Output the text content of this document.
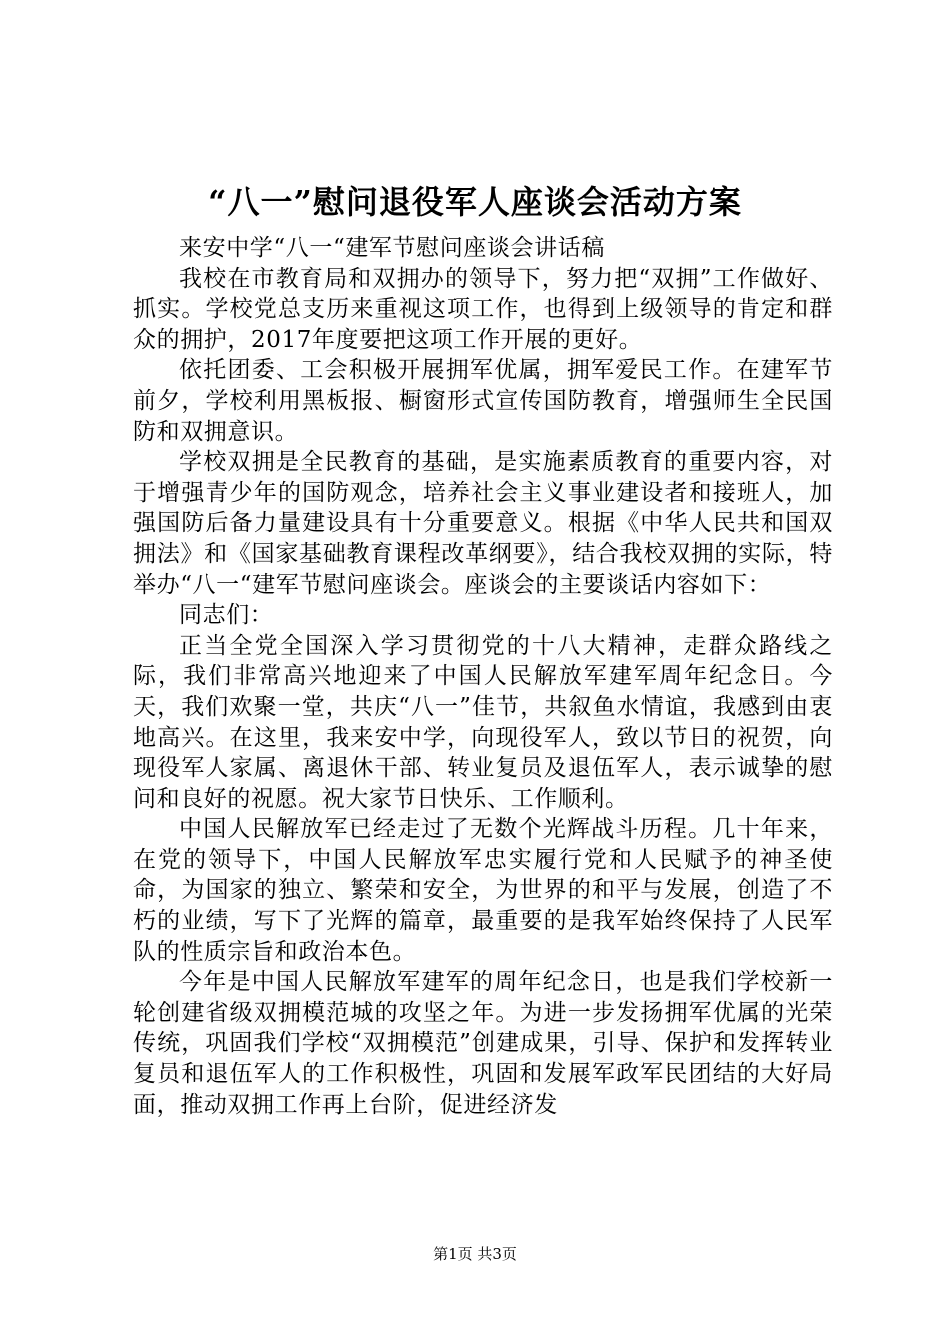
“八一”慰问退役军人座谈会活动方案

来安中学“八一“建军节慰问座谈会讲话稿

我校在市教育局和双拥办的领导下，努力把“双拥”工作做好、抓实。学校党总支历来重视这项工作，也得到上级领导的肯定和群众的拥护，2017年度要把这项工作开展的更好。

依托团委、工会积极开展拥军优属，拥军爱民工作。在建军节前夕，学校利用黑板报、橱窗形式宣传国防教育，增强师生全民国防和双拥意识。

学校双拥是全民教育的基础，是实施素质教育的重要内容，对于增强青少年的国防观念，培养社会主义事业建设者和接班人，加强国防后备力量建设具有十分重要意义。根据《中华人民共和国双拥法》和《国家基础教育课程改革纲要》，结合我校双拥的实际，特举办“八一“建军节慰问座谈会。座谈会的主要谈话内容如下：

同志们：

正当全党全国深入学习贯彻党的十八大精神，走群众路线之际，我们非常高兴地迎来了中国人民解放军建军周年纪念日。今天，我们欢聚一堂，共庆“八一”佳节，共叙鱼水情谊，我感到由衷地高兴。在这里，我来安中学，向现役军人，致以节日的祝贺，向现役军人家属、离退休干部、转业复员及退伍军人，表示诚挚的慰问和良好的祝愿。祝大家节日快乐、工作顺利。

中国人民解放军已经走过了无数个光辉战斗历程。几十年来，在党的领导下，中国人民解放军忠实履行党和人民赋予的神圣使命，为国家的独立、繁荣和安全，为世界的和平与发展，创造了不朽的业绩，写下了光辉的篇章，最重要的是我军始终保持了人民军队的性质宗旨和政治本色。

今年是中国人民解放军建军的周年纪念日，也是我们学校新一轮创建省级双拥模范城的攻坚之年。为进一步发扬拥军优属的光荣传统，巩固我们学校“双拥模范”创建成果，引导、保护和发挥转业复员和退伍军人的工作积极性，巩固和发展军政军民团结的大好局面，推动双拥工作再上台阶，促进经济发

第1页 共3页
